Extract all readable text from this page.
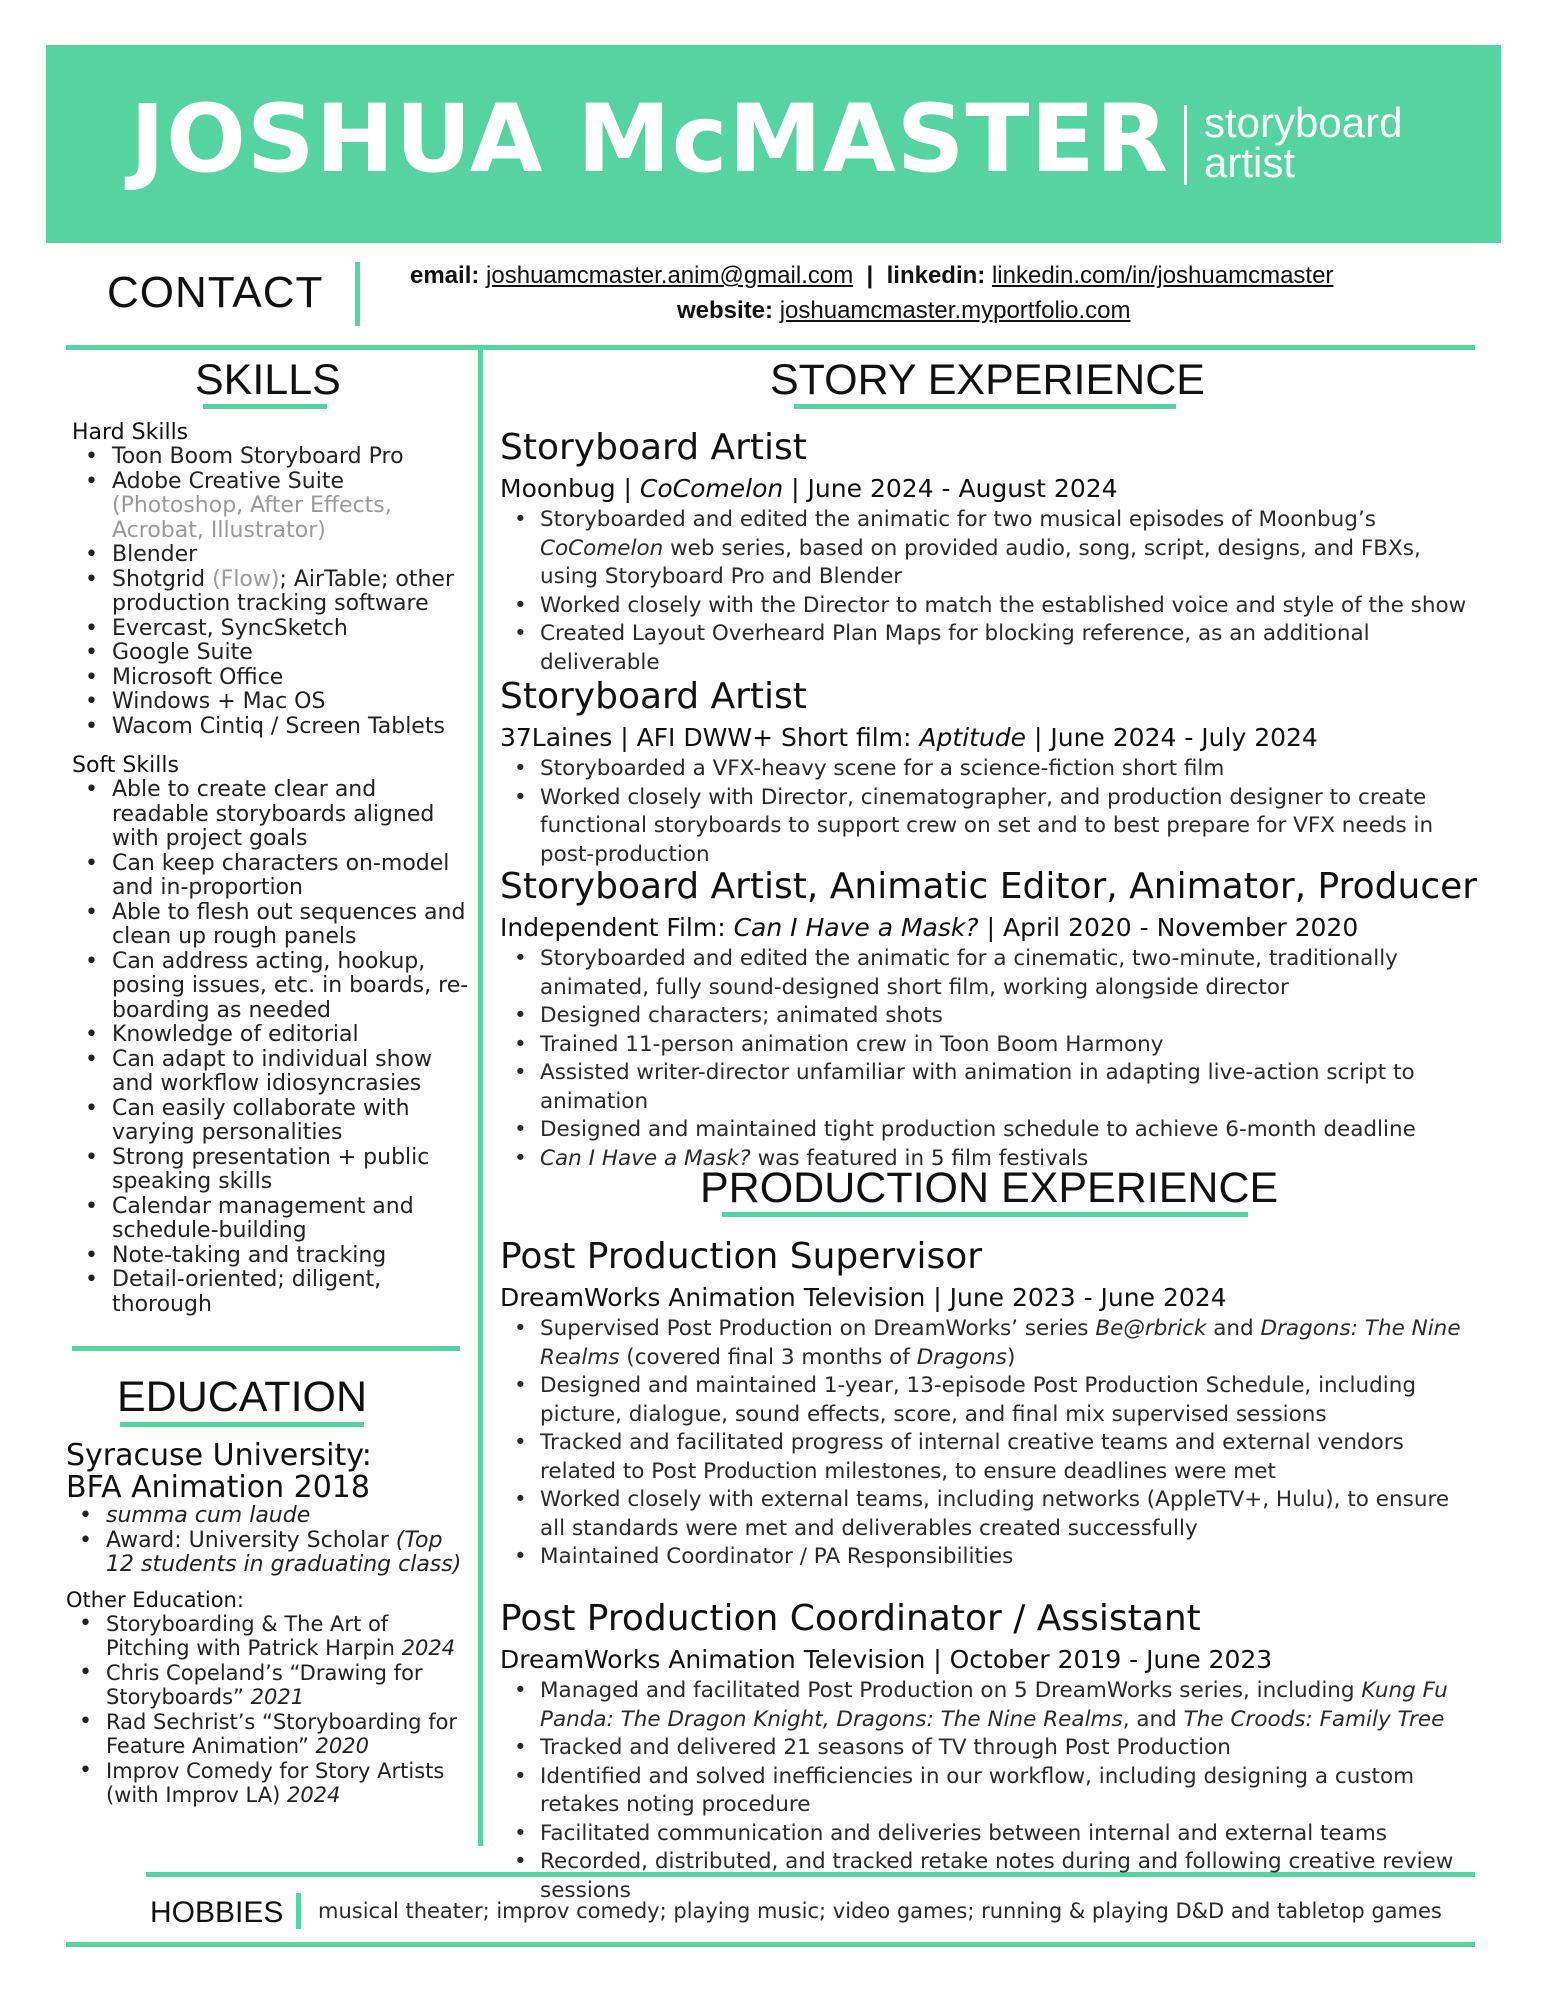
JOSHUA McMASTER storyboard
artist
CONTACT	email: joshuamcmaster.anim@gmail.com | linkedin: linkedin.com/in/joshuamcmaster
website: joshuamcmaster.myportfolio.com
SKILLS
Hard Skills
• Toon Boom Storyboard Pro
• Adobe Creative Suite
(Photoshop, After Effects, Acrobat, Illustrator)
• Blender
• Shotgrid (Flow); AirTable; other production tracking software
• Evercast, SyncSketch
• Google Suite
• Microsoft Office
• Windows + Mac OS
• Wacom Cintiq / Screen Tablets
Soft Skills
• Able to create clear and readable storyboards aligned with project goals
• Can keep characters on-model and in-proportion
• Able to flesh out sequences and clean up rough panels
• Can address acting, hookup, posing issues, etc. in boards, re-boarding as needed
• Knowledge of editorial
• Can adapt to individual show and workflow idiosyncrasies
• Can easily collaborate with varying personalities
• Strong presentation + public speaking skills
• Calendar management and schedule-building
• Note-taking and tracking
• Detail-oriented; diligent, thorough
EDUCATION
Syracuse University:
BFA Animation 2018
• summa cum laude
• Award: University Scholar (Top 12 students in graduating class)
Other Education:
• Storyboarding & The Art of Pitching with Patrick Harpin 2024
• Chris Copeland’s “Drawing for Storyboards” 2021
• Rad Sechrist’s “Storyboarding for Feature Animation” 2020
• Improv Comedy for Story Artists (with Improv LA) 2024
STORY EXPERIENCE
Storyboard Artist
Moonbug | CoComelon | June 2024 - August 2024
• Storyboarded and edited the animatic for two musical episodes of Moonbug’s CoComelon web series, based on provided audio, song, script, designs, and FBXs, using Storyboard Pro and Blender
• Worked closely with the Director to match the established voice and style of the show
• Created Layout Overheard Plan Maps for blocking reference, as an additional deliverable
Storyboard Artist
37Laines | AFI DWW+ Short film: Aptitude | June 2024 - July 2024
• Storyboarded a VFX-heavy scene for a science-fiction short film
• Worked closely with Director, cinematographer, and production designer to create functional storyboards to support crew on set and to best prepare for VFX needs in post-production
Storyboard Artist, Animatic Editor, Animator, Producer
Independent Film: Can I Have a Mask? | April 2020 - November 2020
• Storyboarded and edited the animatic for a cinematic, two-minute, traditionally animated, fully sound-designed short film, working alongside director
• Designed characters; animated shots
• Trained 11-person animation crew in Toon Boom Harmony
• Assisted writer-director unfamiliar with animation in adapting live-action script to animation
• Designed and maintained tight production schedule to achieve 6-month deadline
• Can I Have a Mask? was featured in 5 film festivals
PRODUCTION EXPERIENCE
Post Production Supervisor
DreamWorks Animation Television | June 2023 - June 2024
• Supervised Post Production on DreamWorks’ series Be@rbrick and Dragons: The Nine Realms (covered final 3 months of Dragons)
• Designed and maintained 1-year, 13-episode Post Production Schedule, including picture, dialogue, sound effects, score, and final mix supervised sessions
• Tracked and facilitated progress of internal creative teams and external vendors related to Post Production milestones, to ensure deadlines were met
• Worked closely with external teams, including networks (AppleTV+, Hulu), to ensure all standards were met and deliverables created successfully
• Maintained Coordinator / PA Responsibilities
Post Production Coordinator / Assistant
DreamWorks Animation Television | October 2019 - June 2023
• Managed and facilitated Post Production on 5 DreamWorks series, including Kung Fu Panda: The Dragon Knight, Dragons: The Nine Realms, and The Croods: Family Tree
• Tracked and delivered 21 seasons of TV through Post Production
• Identified and solved inefficiencies in our workflow, including designing a custom retakes noting procedure
• Facilitated communication and deliveries between internal and external teams
• Recorded, distributed, and tracked retake notes during and following creative review sessions
HOBBIES musical theater; improv comedy; playing music; video games; running & playing D&D and tabletop games
